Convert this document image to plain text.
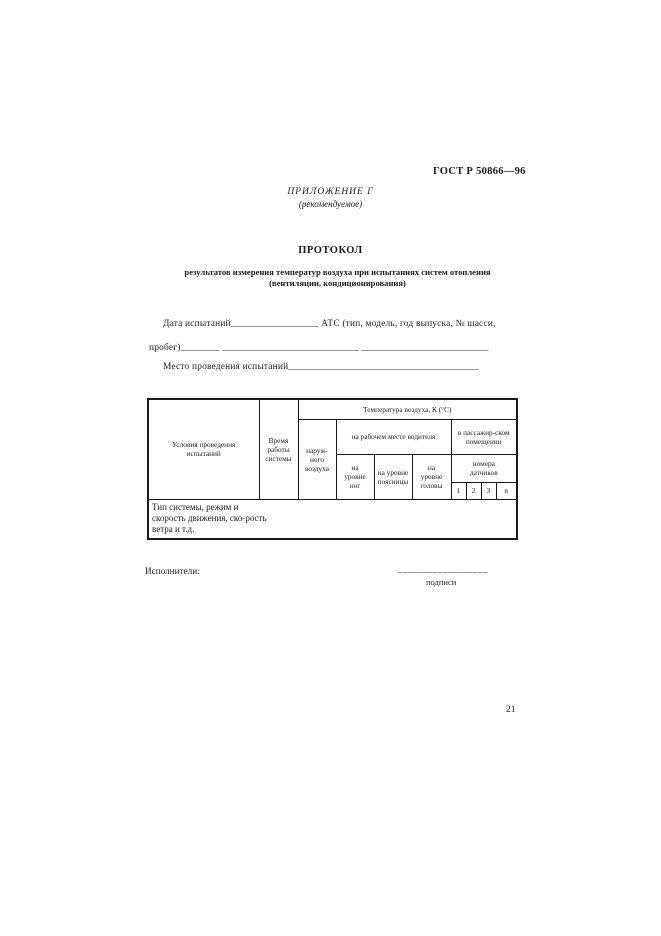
ГОСТ Р 50866—96
ПРИЛОЖЕНИЕ Г
(рекомендуемое)
ПРОТОКОЛ
результатов измерения температур воздуха при испытаниях систем отопления
(вентиляции, кондиционирования)
Дата испытаний__________________ АТС (тип, модель, год выпуска, № шасси,
пробег)________ ____________________________ __________________________
Место проведения испытаний_______________________________________
Условия проведения испытаний	Время работы системы	Температура воздуха, К (°С)							
		наруж-ного воздуха	на рабочем месте водителя			в пассажир-ском помещении			
			на уровне ног	на уровне поясницы	на уровне головы	номера датчиков			
						1	2	3	n

Тип системы, режим и скорость движения, ско-рость ветра и т.д.									
Исполнители:	__________________
подписи
21
